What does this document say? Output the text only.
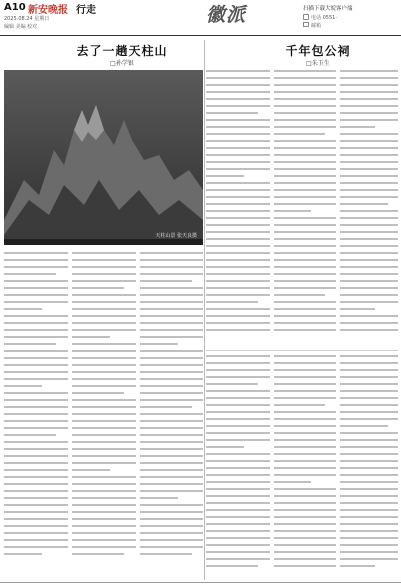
A10 新安晚报 行走
2025.08.24 星期日
编辑 美编 校对
徽派	扫描下载大皖客户端
电话 0551-
邮箱
去了一趟天柱山
□孙学银
天柱山景 张天良摄
千年包公祠
□朱玉生
